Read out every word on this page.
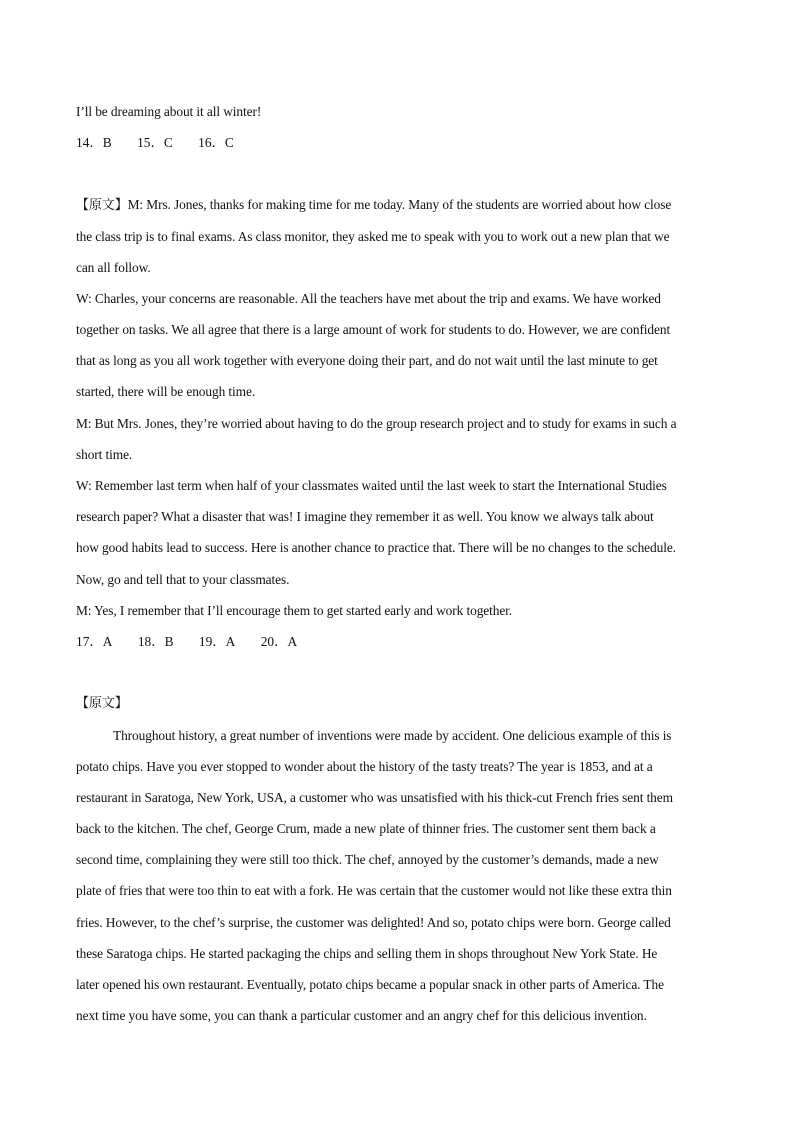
I’ll be dreaming about it all winter!
14．B 15．C 16．C
【原文】M: Mrs. Jones, thanks for making time for me today. Many of the students are worried about how close
the class trip is to final exams. As class monitor, they asked me to speak with you to work out a new plan that we
can all follow.
W: Charles, your concerns are reasonable. All the teachers have met about the trip and exams. We have worked
together on tasks. We all agree that there is a large amount of work for students to do. However, we are confident
that as long as you all work together with everyone doing their part, and do not wait until the last minute to get
started, there will be enough time.
M: But Mrs. Jones, they’re worried about having to do the group research project and to study for exams in such a
short time.
W: Remember last term when half of your classmates waited until the last week to start the International Studies
research paper? What a disaster that was! I imagine they remember it as well. You know we always talk about
how good habits lead to success. Here is another chance to practice that. There will be no changes to the schedule.
Now, go and tell that to your classmates.
M: Yes, I remember that I’ll encourage them to get started early and work together.
17．A 18．B 19．A 20．A
【原文】
Throughout history, a great number of inventions were made by accident. One delicious example of this is
potato chips. Have you ever stopped to wonder about the history of the tasty treats? The year is 1853, and at a
restaurant in Saratoga, New York, USA, a customer who was unsatisfied with his thick-cut French fries sent them
back to the kitchen. The chef, George Crum, made a new plate of thinner fries. The customer sent them back a
second time, complaining they were still too thick. The chef, annoyed by the customer’s demands, made a new
plate of fries that were too thin to eat with a fork. He was certain that the customer would not like these extra thin
fries. However, to the chef’s surprise, the customer was delighted! And so, potato chips were born. George called
these Saratoga chips. He started packaging the chips and selling them in shops throughout New York State. He
later opened his own restaurant. Eventually, potato chips became a popular snack in other parts of America. The
next time you have some, you can thank a particular customer and an angry chef for this delicious invention.
